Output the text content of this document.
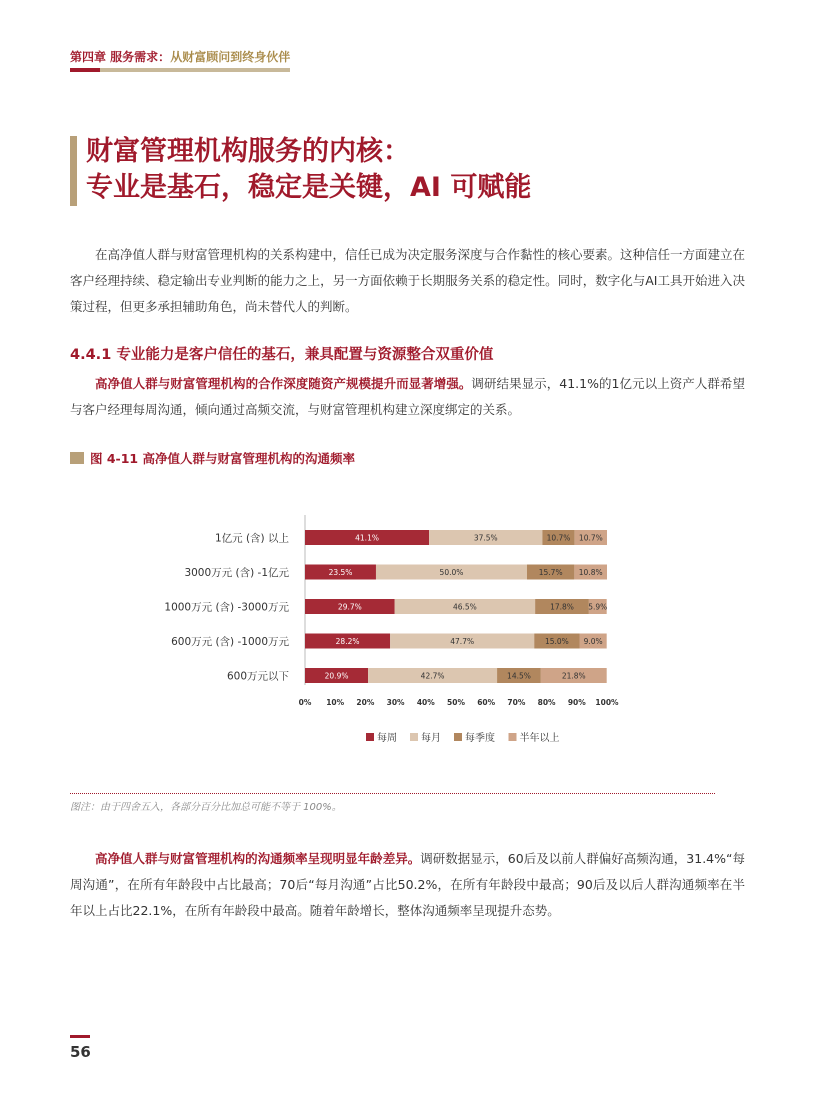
第四章 服务需求：从财富顾问到终身伙伴
财富管理机构服务的内核：
专业是基石，稳定是关键，AI 可赋能
在高净值人群与财富管理机构的关系构建中，信任已成为决定服务深度与合作黏性的核心要素。这种信任一方面建立在客户经理持续、稳定输出专业判断的能力之上，另一方面依赖于长期服务关系的稳定性。同时，数字化与AI工具开始进入决策过程，但更多承担辅助角色，尚未替代人的判断。
4.4.1 专业能力是客户信任的基石，兼具配置与资源整合双重价值
高净值人群与财富管理机构的合作深度随资产规模提升而显著增强。调研结果显示，41.1%的1亿元以上资产人群希望与客户经理每周沟通，倾向通过高频交流，与财富管理机构建立深度绑定的关系。
图 4-11 高净值人群与财富管理机构的沟通频率
1亿元 (含) 以上	41.1%	37.5%	10.7% 10.7%
3000万元 (含) -1亿元	23.5%	50.0%	15.7% 10.8%
1000万元 (含) -3000万元	29.7%	46.5%	17.8% 5.9%
600万元 (含) -1000万元	28.2%	47.7%	15.0% 9.0%
600万元以下	20.9%	42.7%	14.5%	21.8%
0% 10% 20% 30% 40% 50% 60% 70% 80% 90% 100%
每周 每月 每季度 半年以上
图注：由于四舍五入，各部分百分比加总可能不等于 100%。
高净值人群与财富管理机构的沟通频率呈现明显年龄差异。调研数据显示，60后及以前人群偏好高频沟通，31.4%“每周沟通”，在所有年龄段中占比最高；70后“每月沟通”占比50.2%，在所有年龄段中最高；90后及以后人群沟通频率在半年以上占比22.1%，在所有年龄段中最高。随着年龄增长，整体沟通频率呈现提升态势。
56
